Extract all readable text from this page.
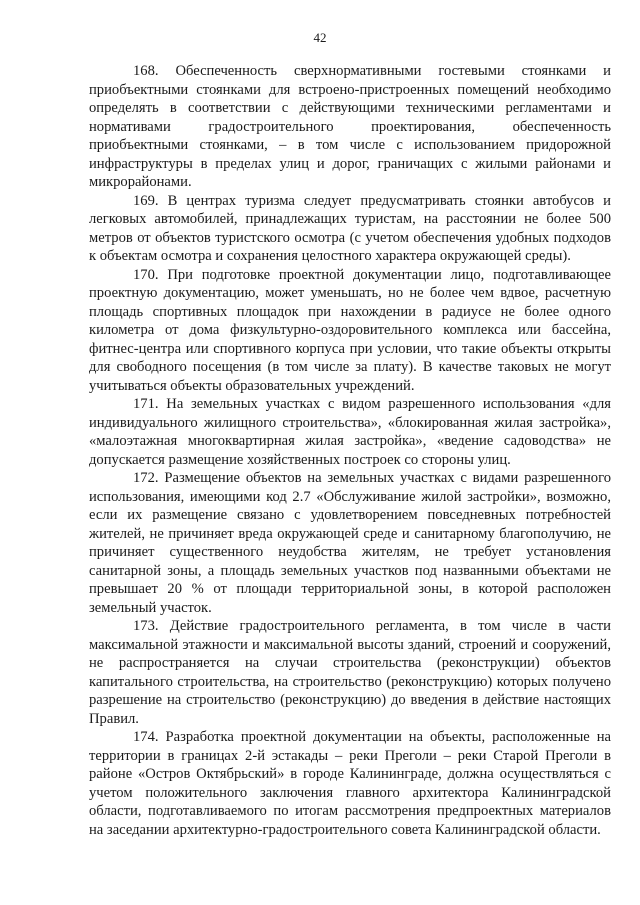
42

168. Обеспеченность сверхнормативными гостевыми стоянками и приобъектными стоянками для встроено-пристроенных помещений необходимо определять в соответствии с действующими техническими регламентами и нормативами градостроительного проектирования, обеспеченность приобъектными стоянками, – в том числе с использованием придорожной инфраструктуры в пределах улиц и дорог, граничащих с жилыми районами и микрорайонами.

169. В центрах туризма следует предусматривать стоянки автобусов и легковых автомобилей, принадлежащих туристам, на расстоянии не более 500 метров от объектов туристского осмотра (с учетом обеспечения удобных подходов к объектам осмотра и сохранения целостного характера окружающей среды).

170. При подготовке проектной документации лицо, подготавливающее проектную документацию, может уменьшать, но не более чем вдвое, расчетную площадь спортивных площадок при нахождении в радиусе не более одного километра от дома физкультурно-оздоровительного комплекса или бассейна, фитнес-центра или спортивного корпуса при условии, что такие объекты открыты для свободного посещения (в том числе за плату). В качестве таковых не могут учитываться объекты образовательных учреждений.

171. На земельных участках с видом разрешенного использования «для индивидуального жилищного строительства», «блокированная жилая застройка», «малоэтажная многоквартирная жилая застройка», «ведение садоводства» не допускается размещение хозяйственных построек со стороны улиц.

172. Размещение объектов на земельных участках с видами разрешенного использования, имеющими код 2.7 «Обслуживание жилой застройки», возможно, если их размещение связано с удовлетворением повседневных потребностей жителей, не причиняет вреда окружающей среде и санитарному благополучию, не причиняет существенного неудобства жителям, не требует установления санитарной зоны, а площадь земельных участков под названными объектами не превышает 20 % от площади территориальной зоны, в которой расположен земельный участок.

173. Действие градостроительного регламента, в том числе в части максимальной этажности и максимальной высоты зданий, строений и сооружений, не распространяется на случаи строительства (реконструкции) объектов капитального строительства, на строительство (реконструкцию) которых получено разрешение на строительство (реконструкцию) до введения в действие настоящих Правил.

174. Разработка проектной документации на объекты, расположенные на территории в границах 2-й эстакады – реки Преголи – реки Старой Преголи в районе «Остров Октябрьский» в городе Калининграде, должна осуществляться с учетом положительного заключения главного архитектора Калининградской области, подготавливаемого по итогам рассмотрения предпроектных материалов на заседании архитектурно-градостроительного совета Калининградской области.
